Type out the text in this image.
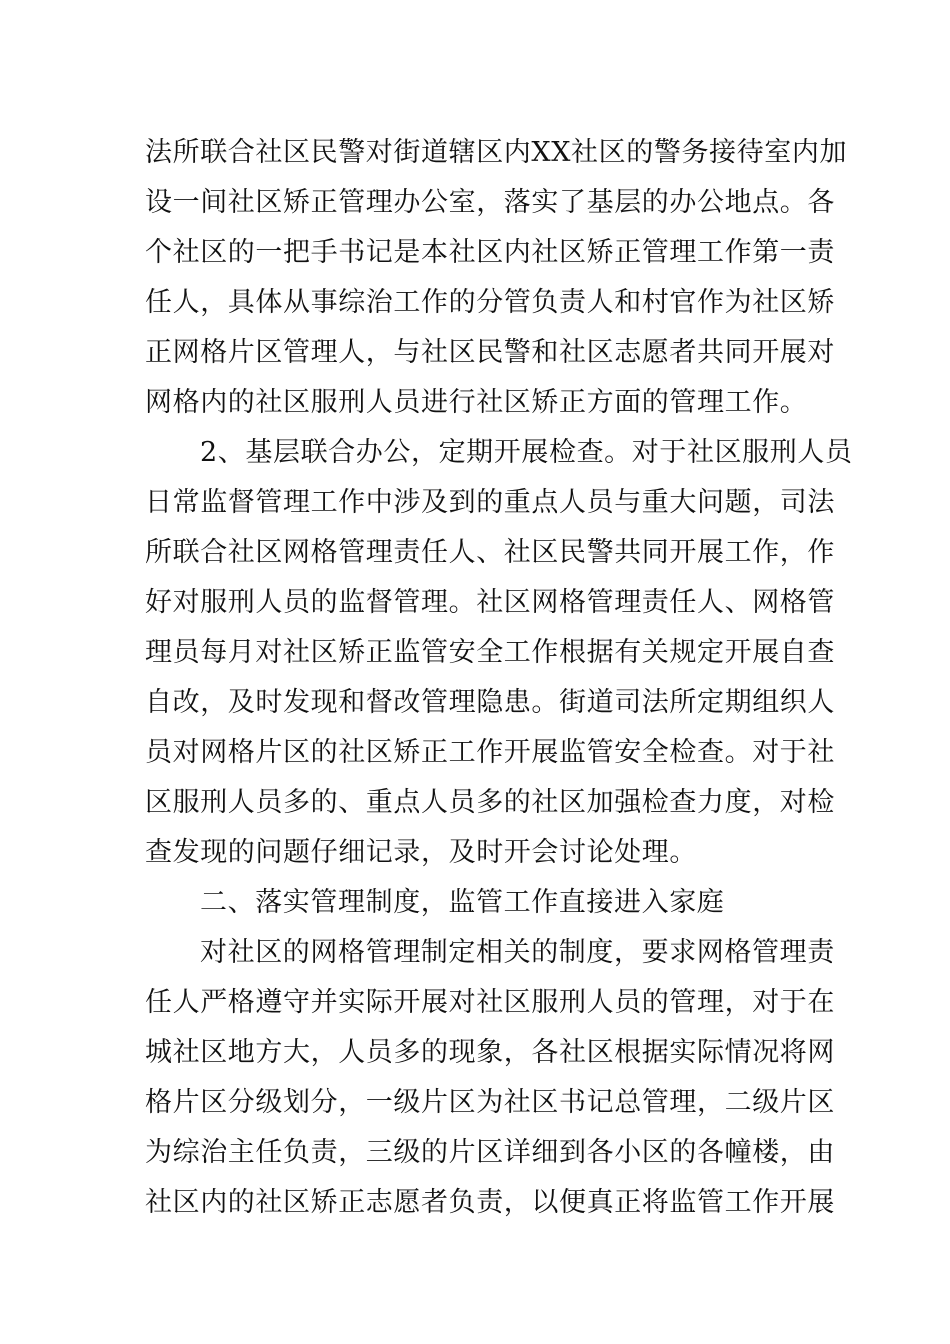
法所联合社区民警对街道辖区内XX社区的警务接待室内加
设一间社区矫正管理办公室，落实了基层的办公地点。各
个社区的一把手书记是本社区内社区矫正管理工作第一责
任人，具体从事综治工作的分管负责人和村官作为社区矫
正网格片区管理人，与社区民警和社区志愿者共同开展对
网格内的社区服刑人员进行社区矫正方面的管理工作。
2、基层联合办公，定期开展检查。对于社区服刑人员
日常监督管理工作中涉及到的重点人员与重大问题，司法
所联合社区网格管理责任人、社区民警共同开展工作，作
好对服刑人员的监督管理。社区网格管理责任人、网格管
理员每月对社区矫正监管安全工作根据有关规定开展自查
自改，及时发现和督改管理隐患。街道司法所定期组织人
员对网格片区的社区矫正工作开展监管安全检查。对于社
区服刑人员多的、重点人员多的社区加强检查力度，对检
查发现的问题仔细记录，及时开会讨论处理。
二、落实管理制度，监管工作直接进入家庭
对社区的网格管理制定相关的制度，要求网格管理责
任人严格遵守并实际开展对社区服刑人员的管理，对于在
城社区地方大，人员多的现象，各社区根据实际情况将网
格片区分级划分，一级片区为社区书记总管理，二级片区
为综治主任负责，三级的片区详细到各小区的各幢楼，由
社区内的社区矫正志愿者负责，以便真正将监管工作开展
